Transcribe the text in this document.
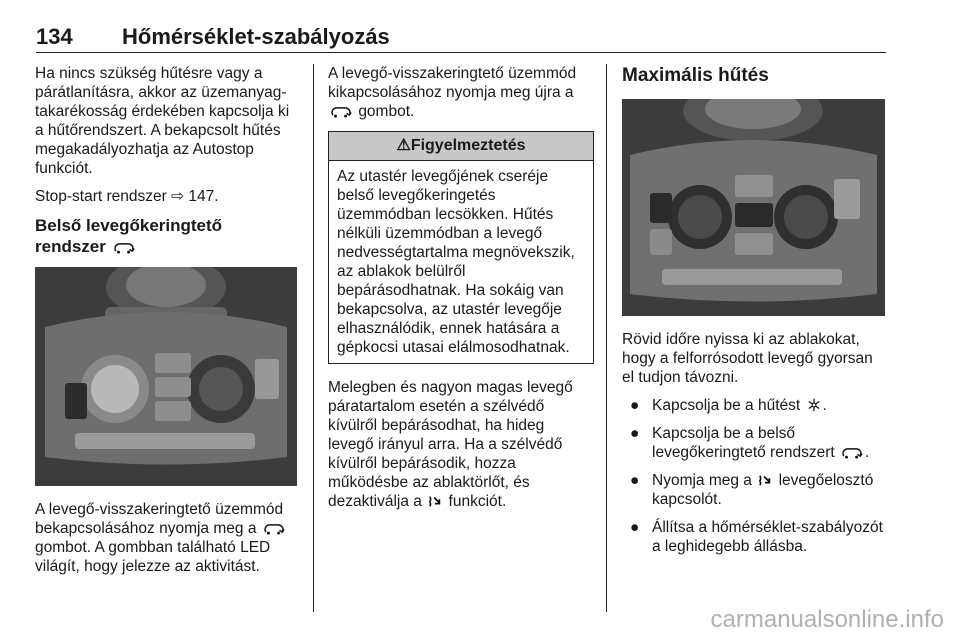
134 Hőmérséklet-szabályozás

Ha nincs szükség hűtésre vagy a párátlanításra, akkor az üzemanyag-takarékosság érdekében kapcsolja ki a hűtőrendszert. A bekapcsolt hűtés megakadályozhatja az Autostop funkciót.

Stop-start rendszer ⇨ 147.

Belső levegőkeringtető
rendszer

A levegő-visszakeringtető üzemmód bekapcsolásához nyomja meg a  gombot. A gombban található LED világít, hogy jelezze az aktivitást.

A levegő-visszakeringtető üzemmód kikapcsolásához nyomja meg újra a  gombot.

⚠Figyelmeztetés
Az utastér levegőjének cseréje belső levegőkeringetés üzemmódban lecsökken. Hűtés nélküli üzemmódban a levegő nedvességtartalma megnövekszik, az ablakok belülről bepárásodhatnak. Ha sokáig van bekapcsolva, az utastér levegője elhasználódik, ennek hatására a gépkocsi utasai elálmosodhatnak.

Melegben és nagyon magas levegő páratartalom esetén a szélvédő kívülről bepárásodhat, ha hideg levegő irányul arra. Ha a szélvédő kívülről bepárásodik, hozza működésbe az ablaktörlőt, és dezaktiválja a funkciót.

Maximális hűtés

Rövid időre nyissa ki az ablakokat, hogy a felforrósodott levegő gyorsan el tudjon távozni.

● Kapcsolja be a hűtést .
● Kapcsolja be a belső levegőkeringtető rendszert .
● Nyomja meg a levegőelosztó kapcsolót.
● Állítsa a hőmérséklet-szabályozót a leghidegebb állásba.
carmanualsonline.info
